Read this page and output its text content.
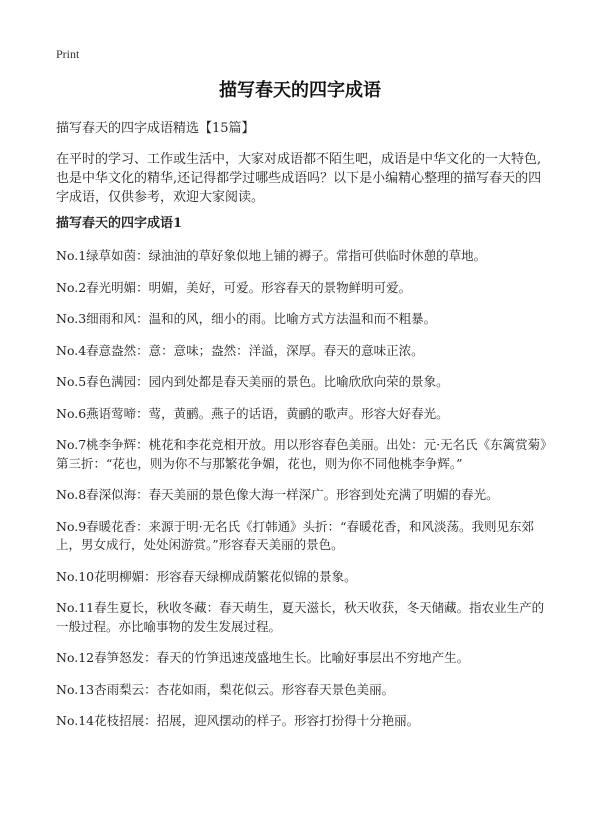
Print
描写春天的四字成语
描写春天的四字成语精选【15篇】

在平时的学习、工作或生活中，大家对成语都不陌生吧，成语是中华文化的一大特色,也是中华文化的精华,还记得都学过哪些成语吗？以下是小编精心整理的描写春天的四字成语，仅供参考，欢迎大家阅读。

描写春天的四字成语1
No.1绿草如茵：绿油油的草好象似地上铺的褥子。常指可供临时休憩的草地。
No.2春光明媚：明媚，美好，可爱。形容春天的景物鲜明可爱。
No.3细雨和风：温和的风，细小的雨。比喻方式方法温和而不粗暴。
No.4春意盎然：意：意味；盎然：洋溢，深厚。春天的意味正浓。
No.5春色满园：园内到处都是春天美丽的景色。比喻欣欣向荣的景象。
No.6燕语莺啼：莺，黄鹂。燕子的话语，黄鹂的歌声。形容大好春光。
No.7桃李争辉：桃花和李花竞相开放。用以形容春色美丽。出处：元·无名氏《东篱赏菊》第三折：“花也，则为你不与那繁花争媚，花也，则为你不同他桃李争辉。”
No.8春深似海：春天美丽的景色像大海一样深广。形容到处充满了明媚的春光。
No.9春暖花香：来源于明·无名氏《打韩通》头折：“春暖花香，和风淡荡。我则见东郊上，男女成行，处处闲游赏。”形容春天美丽的景色。
No.10花明柳媚：形容春天绿柳成荫繁花似锦的景象。
No.11春生夏长，秋收冬藏：春天萌生，夏天滋长，秋天收获，冬天储藏。指农业生产的一般过程。亦比喻事物的发生发展过程。
No.12春笋怒发：春天的竹笋迅速茂盛地生长。比喻好事层出不穷地产生。
No.13杏雨梨云：杏花如雨，梨花似云。形容春天景色美丽。
No.14花枝招展：招展，迎风摆动的样子。形容打扮得十分艳丽。
